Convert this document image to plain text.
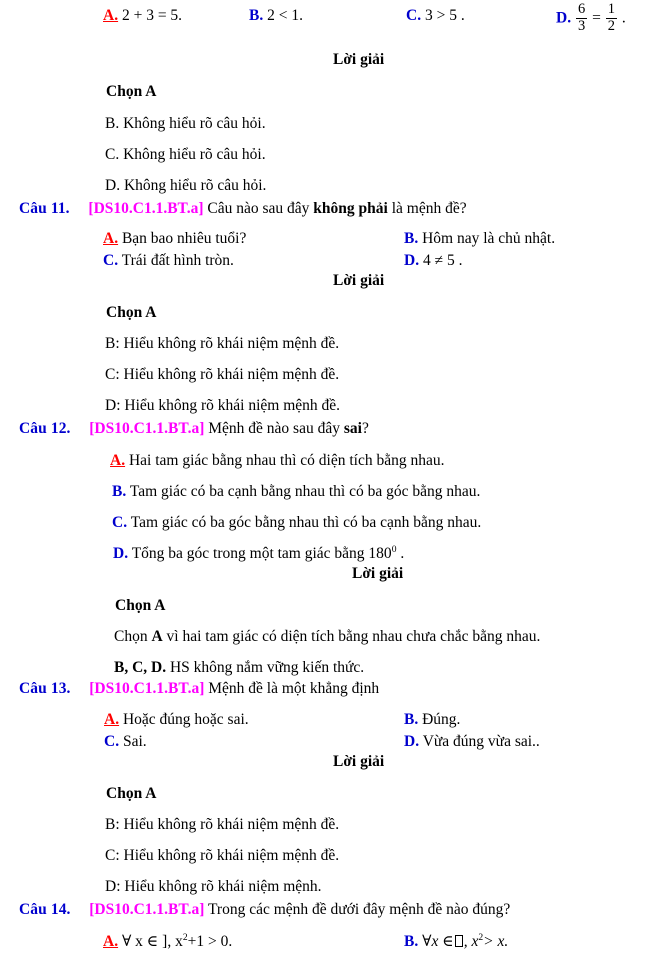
A. 2 + 3 = 5.	B. 2 < 1.	C. 3 > 5 .	D. $\frac{6}{3} = \frac{1}{2}$ .
Lời giải
Chọn A
B. Không hiểu rõ câu hỏi.
C. Không hiểu rõ câu hỏi.
D. Không hiểu rõ câu hỏi.
Câu 11. [DS10.C1.1.BT.a] Câu nào sau đây không phải là mệnh đề?
A. Bạn bao nhiêu tuổi?	B. Hôm nay là chủ nhật.
C. Trái đất hình tròn.	D. 4 ≠ 5 .
Lời giải
Chọn A
B: Hiểu không rõ khái niệm mệnh đề.
C: Hiểu không rõ khái niệm mệnh đề.
D: Hiểu không rõ khái niệm mệnh đề.
Câu 12. [DS10.C1.1.BT.a] Mệnh đề nào sau đây sai?
A. Hai tam giác bằng nhau thì có diện tích bằng nhau.
B. Tam giác có ba cạnh bằng nhau thì có ba góc bằng nhau.
C. Tam giác có ba góc bằng nhau thì có ba cạnh bằng nhau.
D. Tổng ba góc trong một tam giác bằng $180^0$ .
Lời giải
Chọn A
Chọn A vì hai tam giác có diện tích bằng nhau chưa chắc bằng nhau.
B, C, D. HS không nắm vững kiến thức.
Câu 13. [DS10.C1.1.BT.a] Mệnh đề là một khẳng định
A. Hoặc đúng hoặc sai.	B. Đúng.
C. Sai.	D. Vừa đúng vừa sai..
Lời giải
Chọn A
B: Hiểu không rõ khái niệm mệnh đề.
C: Hiểu không rõ khái niệm mệnh đề.
D: Hiểu không rõ khái niệm mệnh.
Câu 14. [DS10.C1.1.BT.a] Trong các mệnh đề dưới đây mệnh đề nào đúng?
A. ∀ x ∈ ], $x^2+1 > 0$.	B. ∀x ∈ , $x^2> x$.
